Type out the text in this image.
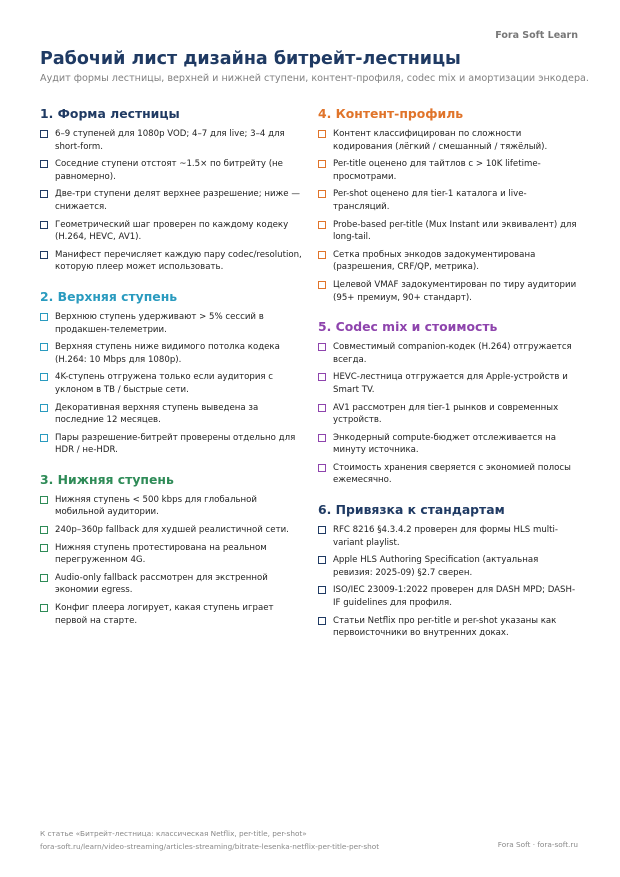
Fora Soft Learn
Рабочий лист дизайна битрейт-лестницы
Аудит формы лестницы, верхней и нижней ступени, контент-профиля, codec mix и амортизации энкодера.
1. Форма лестницы
6–9 ступеней для 1080p VOD; 4–7 для live; 3–4 для short-form.
Соседние ступени отстоят ~1.5× по битрейту (не равномерно).
Две-три ступени делят верхнее разрешение; ниже — снижается.
Геометрический шаг проверен по каждому кодеку (H.264, HEVC, AV1).
Манифест перечисляет каждую пару codec/resolution, которую плеер может использовать.
2. Верхняя ступень
Верхнюю ступень удерживают > 5% сессий в продакшен-телеметрии.
Верхняя ступень ниже видимого потолка кодека (H.264: 10 Mbps для 1080p).
4K-ступень отгружена только если аудитория с уклоном в ТВ / быстрые сети.
Декоративная верхняя ступень выведена за последние 12 месяцев.
Пары разрешение-битрейт проверены отдельно для HDR / не-HDR.
3. Нижняя ступень
Нижняя ступень < 500 kbps для глобальной мобильной аудитории.
240p–360p fallback для худшей реалистичной сети.
Нижняя ступень протестирована на реальном перегруженном 4G.
Audio-only fallback рассмотрен для экстренной экономии egress.
Конфиг плеера логирует, какая ступень играет первой на старте.
4. Контент-профиль
Контент классифицирован по сложности кодирования (лёгкий / смешанный / тяжёлый).
Per-title оценено для тайтлов с > 10K lifetime-просмотрами.
Per-shot оценено для tier-1 каталога и live-трансляций.
Probe-based per-title (Mux Instant или эквивалент) для long-tail.
Сетка пробных энкодов задокументирована (разрешения, CRF/QP, метрика).
Целевой VMAF задокументирован по тиру аудитории (95+ премиум, 90+ стандарт).
5. Codec mix и стоимость
Совместимый companion-кодек (H.264) отгружается всегда.
HEVC-лестница отгружается для Apple-устройств и Smart TV.
AV1 рассмотрен для tier-1 рынков и современных устройств.
Энкодерный compute-бюджет отслеживается на минуту источника.
Стоимость хранения сверяется с экономией полосы ежемесячно.
6. Привязка к стандартам
RFC 8216 §4.3.4.2 проверен для формы HLS multi-variant playlist.
Apple HLS Authoring Specification (актуальная ревизия: 2025-09) §2.7 сверен.
ISO/IEC 23009-1:2022 проверен для DASH MPD; DASH-IF guidelines для профиля.
Статьи Netflix про per-title и per-shot указаны как первоисточники во внутренних доках.
К статье «Битрейт-лестница: классическая Netflix, per-title, per-shot»
fora-soft.ru/learn/video-streaming/articles-streaming/bitrate-lesenka-netflix-per-title-per-shot	Fora Soft · fora-soft.ru
